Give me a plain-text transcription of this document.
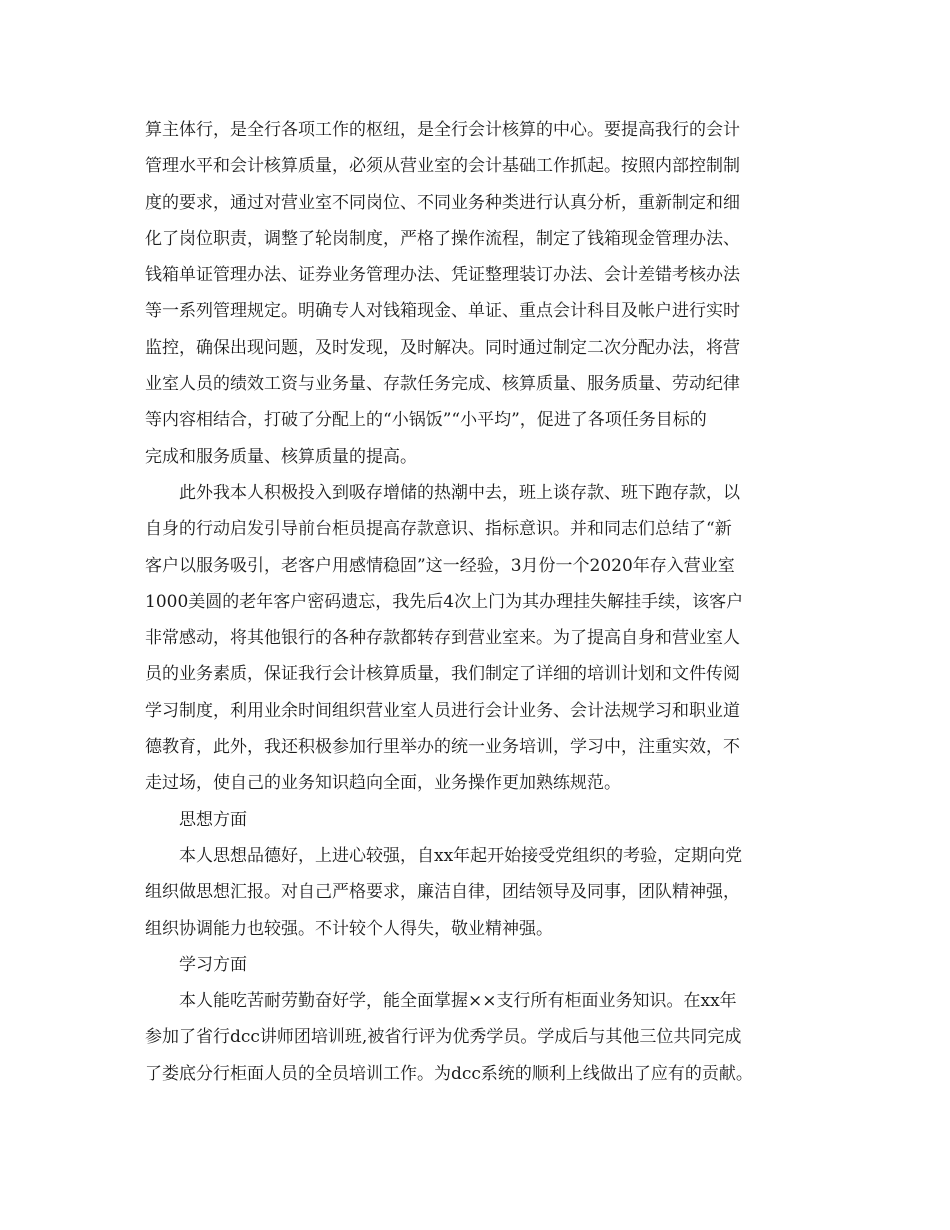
算主体行，是全行各项工作的枢纽，是全行会计核算的中心。要提高我行的会计
管理水平和会计核算质量，必须从营业室的会计基础工作抓起。按照内部控制制
度的要求，通过对营业室不同岗位、不同业务种类进行认真分析，重新制定和细
化了岗位职责，调整了轮岗制度，严格了操作流程，制定了钱箱现金管理办法、
钱箱单证管理办法、证券业务管理办法、凭证整理装订办法、会计差错考核办法
等一系列管理规定。明确专人对钱箱现金、单证、重点会计科目及帐户进行实时
监控，确保出现问题，及时发现，及时解决。同时通过制定二次分配办法，将营
业室人员的绩效工资与业务量、存款任务完成、核算质量、服务质量、劳动纪律
等内容相结合，打破了分配上的“小锅饭”“小平均”，促进了各项任务目标的
完成和服务质量、核算质量的提高。

此外我本人积极投入到吸存增储的热潮中去，班上谈存款、班下跑存款，以
自身的行动启发引导前台柜员提高存款意识、指标意识。并和同志们总结了“新
客户以服务吸引，老客户用感情稳固”这一经验，3月份一个2020年存入营业室
1000美圆的老年客户密码遗忘，我先后4次上门为其办理挂失解挂手续，该客户
非常感动，将其他银行的各种存款都转存到营业室来。为了提高自身和营业室人
员的业务素质，保证我行会计核算质量，我们制定了详细的培训计划和文件传阅
学习制度，利用业余时间组织营业室人员进行会计业务、会计法规学习和职业道
德教育，此外，我还积极参加行里举办的统一业务培训，学习中，注重实效，不
走过场，使自己的业务知识趋向全面，业务操作更加熟练规范。

思想方面

本人思想品德好，上进心较强，自xx年起开始接受党组织的考验，定期向党
组织做思想汇报。对自己严格要求，廉洁自律，团结领导及同事，团队精神强，
组织协调能力也较强。不计较个人得失，敬业精神强。

学习方面

本人能吃苦耐劳勤奋好学，能全面掌握××支行所有柜面业务知识。在xx年
参加了省行dcc讲师团培训班,被省行评为优秀学员。学成后与其他三位共同完成
了娄底分行柜面人员的全员培训工作。为dcc系统的顺利上线做出了应有的贡献。
